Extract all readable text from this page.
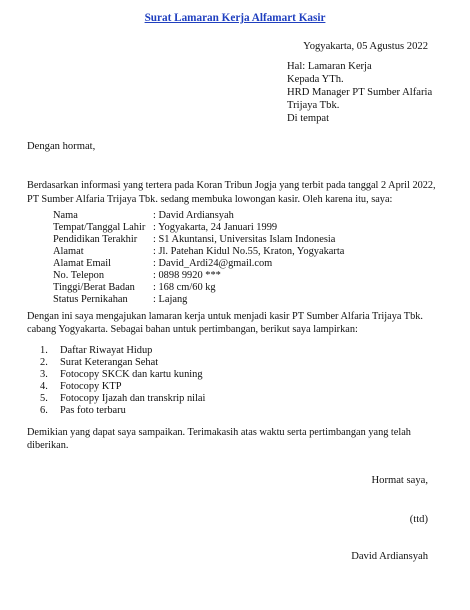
Surat Lamaran Kerja Alfamart Kasir
Yogyakarta, 05 Agustus 2022
Hal: Lamaran Kerja
Kepada YTh.
HRD Manager PT Sumber Alfaria
Trijaya Tbk.
Di tempat
Dengan hormat,
Berdasarkan informasi yang tertera pada Koran Tribun Jogja yang terbit pada tanggal 2 April 2022,
PT Sumber Alfaria Trijaya Tbk. sedang membuka lowongan kasir. Oleh karena itu, saya:
Nama	: David Ardiansyah
Tempat/Tanggal Lahir : Yogyakarta, 24 Januari 1999
Pendidikan Terakhir : S1 Akuntansi, Universitas Islam Indonesia
Alamat	: Jl. Patehan Kidul No.55, Kraton, Yogyakarta
Alamat Email	: David_Ardi24@gmail.com
No. Telepon	: 0898 9920 ***
Tinggi/Berat Badan : 168 cm/60 kg
Status Pernikahan : Lajang
Dengan ini saya mengajukan lamaran kerja untuk menjadi kasir PT Sumber Alfaria Trijaya Tbk.
cabang Yogyakarta. Sebagai bahan untuk pertimbangan, berikut saya lampirkan:
1. Daftar Riwayat Hidup
2. Surat Keterangan Sehat
3. Fotocopy SKCK dan kartu kuning
4. Fotocopy KTP
5. Fotocopy Ijazah dan transkrip nilai
6. Pas foto terbaru
Demikian yang dapat saya sampaikan. Terimakasih atas waktu serta pertimbangan yang telah
diberikan.
Hormat saya,
(ttd)
David Ardiansyah
